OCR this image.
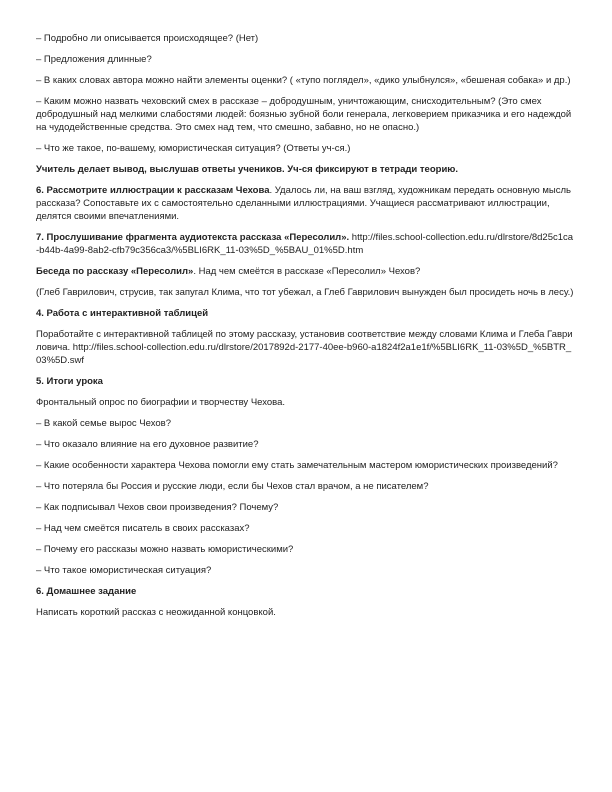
– Подробно ли описывается происходящее? (Нет)

– Предложения длинные?

– В каких словах автора можно найти элементы оценки? ( «тупо поглядел», «дико улыбнулся», «бешеная собака» и др.)

– Каким можно назвать чеховский смех в рассказе – добродушным, уничтожающим, снисходительным? (Это смех добродушный над мелкими слабостями людей: боязнью зубной боли генерала, легковерием приказчика и его надеждой на чудодейственные средства. Это смех над тем, что смешно, забавно, но не опасно.)

– Что же такое, по-вашему, юмористическая ситуация? (Ответы уч-ся.)

Учитель делает вывод, выслушав ответы учеников. Уч-ся фиксируют в тетради теорию.

6. Рассмотрите иллюстрации к рассказам Чехова. Удалось ли, на ваш взгляд, художникам передать основную мысль рассказа? Сопоставьте их с самостоятельно сделанными иллюстрациями. Учащиеся рассматривают иллюстрации, делятся своими впечатлениями.

7. Прослушивание фрагмента аудиотекста рассказа «Пересолил». http://files.school-collection.edu.ru/dlrstore/8d25c1ca-b44b-4a99-8ab2-cfb79c356ca3/%5BLI6RK_11-03%5D_%5BAU_01%5D.htm

Беседа по рассказу «Пересолил». Над чем смеётся в рассказе «Пересолил» Чехов?

(Глеб Гаврилович, струсив, так запугал Клима, что тот убежал, а Глеб Гаврилович вынужден был просидеть ночь в лесу.)

4. Работа с интерактивной таблицей

Поработайте с интерактивной таблицей по этому рассказу, установив соответствие между словами Клима и Глеба Гавриловича. http://files.school-collection.edu.ru/dlrstore/2017892d-2177-40ee-b960-a1824f2a1e1f/%5BLI6RK_11-03%5D_%5BTR_03%5D.swf

5. Итоги урока

Фронтальный опрос по биографии и творчеству Чехова.

– В какой семье вырос Чехов?

– Что оказало влияние на его духовное развитие?

– Какие особенности характера Чехова помогли ему стать замечательным мастером юмористических произведений?

– Что потеряла бы Россия и русские люди, если бы Чехов стал врачом, а не писателем?

– Как подписывал Чехов свои произведения? Почему?

– Над чем смеётся писатель в своих рассказах?

– Почему его рассказы можно назвать юмористическими?

– Что такое юмористическая ситуация?

6. Домашнее задание

Написать короткий рассказ с неожиданной концовкой.
